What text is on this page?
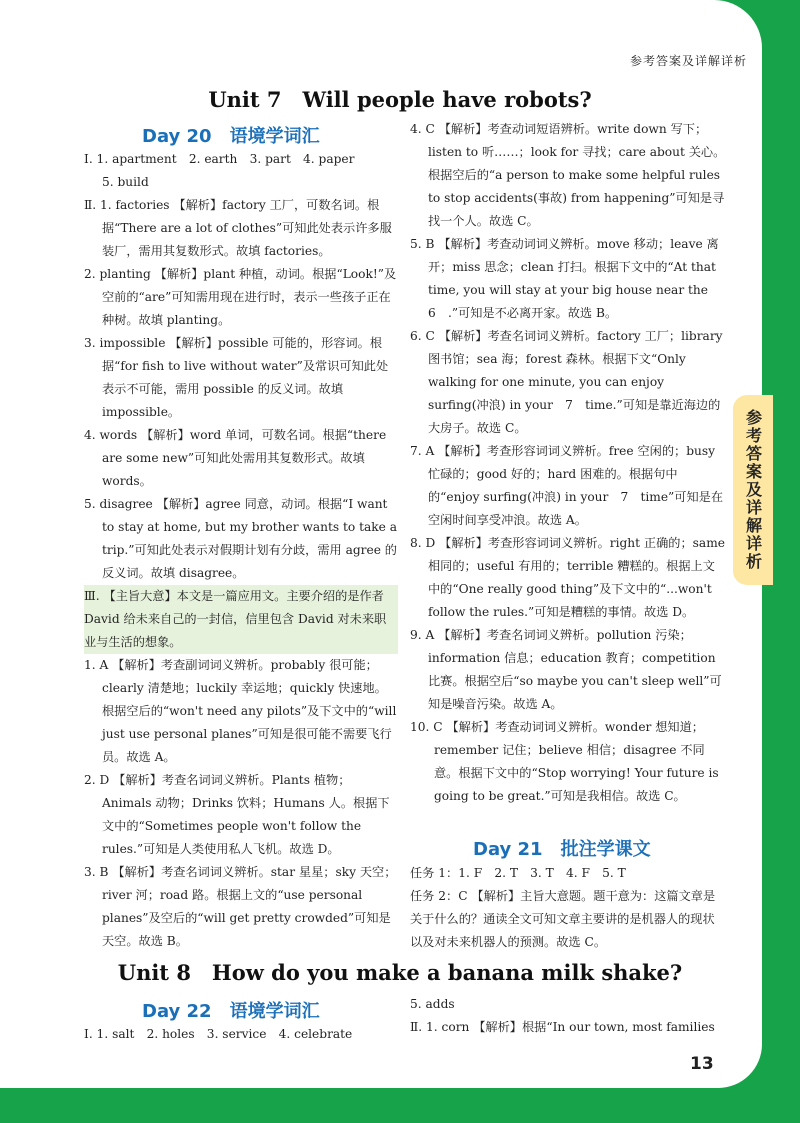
参考答案及详解详析
Unit 7　Will people have robots?
Day 20　语境学词汇

Ⅰ. 1. apartment　2. earth　3. part　4. paper

5. build

Ⅱ. 1. factories 【解析】factory 工厂，可数名词。根据“There are a lot of clothes”可知此处表示许多服装厂，需用其复数形式。故填 factories。

2. planting 【解析】plant 种植，动词。根据“Look!”及空前的“are”可知需用现在进行时，表示一些孩子正在种树。故填 planting。

3. impossible 【解析】possible 可能的，形容词。根据“for fish to live without water”及常识可知此处表示不可能，需用 possible 的反义词。故填 impossible。

4. words 【解析】word 单词，可数名词。根据“there are some new”可知此处需用其复数形式。故填 words。

5. disagree 【解析】agree 同意，动词。根据“I want to stay at home, but my brother wants to take a trip.”可知此处表示对假期计划有分歧，需用 agree 的反义词。故填 disagree。

Ⅲ. 【主旨大意】本文是一篇应用文。主要介绍的是作者 David 给未来自己的一封信，信里包含 David 对未来职业与生活的想象。

1. A 【解析】考查副词词义辨析。probably 很可能；clearly 清楚地；luckily 幸运地；quickly 快速地。根据空后的“won't need any pilots”及下文中的“will just use personal planes”可知是很可能不需要飞行员。故选 A。

2. D 【解析】考查名词词义辨析。Plants 植物；Animals 动物；Drinks 饮料；Humans 人。根据下文中的“Sometimes people won't follow the rules.”可知是人类使用私人飞机。故选 D。

3. B 【解析】考查名词词义辨析。star 星星；sky 天空；river 河；road 路。根据上文的“use personal planes”及空后的“will get pretty crowded”可知是天空。故选 B。

4. C 【解析】考查动词短语辨析。write down 写下；listen to 听……；look for 寻找；care about 关心。根据空后的“a person to make some helpful rules to stop accidents(事故) from happening”可知是寻找一个人。故选 C。

5. B 【解析】考查动词词义辨析。move 移动；leave 离开；miss 思念；clean 打扫。根据下文中的“At that time, you will stay at your big house near the　6　.”可知是不必离开家。故选 B。

6. C 【解析】考查名词词义辨析。factory 工厂；library 图书馆；sea 海；forest 森林。根据下文“Only walking for one minute, you can enjoy surfing(冲浪) in your　7　time.”可知是靠近海边的大房子。故选 C。

7. A 【解析】考查形容词词义辨析。free 空闲的；busy 忙碌的；good 好的；hard 困难的。根据句中的“enjoy surfing(冲浪) in your　7　time”可知是在空闲时间享受冲浪。故选 A。

8. D 【解析】考查形容词词义辨析。right 正确的；same 相同的；useful 有用的；terrible 糟糕的。根据上文中的“One really good thing”及下文中的“...won't follow the rules.”可知是糟糕的事情。故选 D。

9. A 【解析】考查名词词义辨析。pollution 污染；information 信息；education 教育；competition 比赛。根据空后“so maybe you can't sleep well”可知是噪音污染。故选 A。

10. C 【解析】考查动词词义辨析。wonder 想知道；remember 记住；believe 相信；disagree 不同意。根据下文中的“Stop worrying! Your future is going to be great.”可知是我相信。故选 C。

Day 21　批注学课文

任务 1：1. F　2. T　3. T　4. F　5. T

任务 2：C 【解析】主旨大意题。题干意为：这篇文章是关于什么的？通读全文可知文章主要讲的是机器人的现状以及对未来机器人的预测。故选 C。

Unit 8　How do you make a banana milk shake?
Day 22　语境学词汇

Ⅰ. 1. salt　2. holes　3. service　4. celebrate

5. adds

Ⅱ. 1. corn 【解析】根据“In our town, most families

13
参考答案及详解详析
